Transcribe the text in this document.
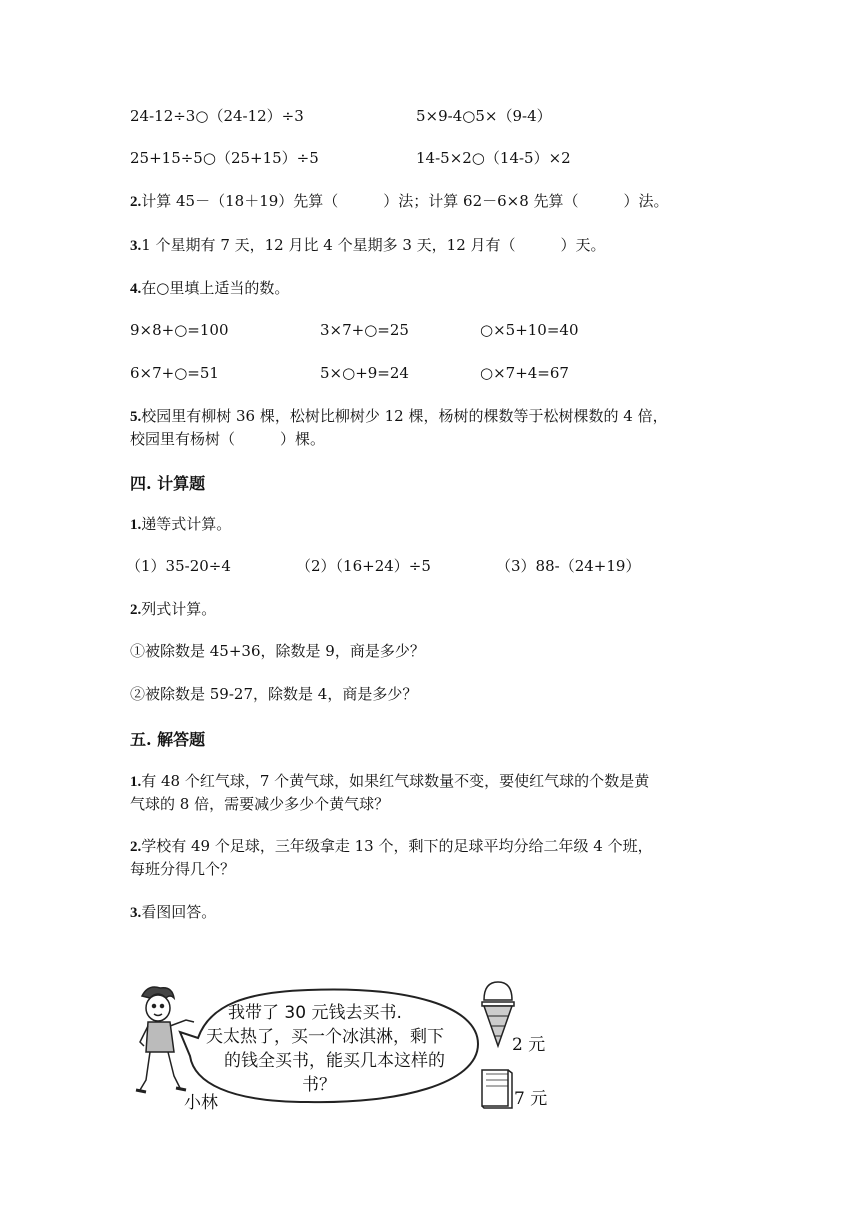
24-12÷3○（24-12）÷3	5×9-4○5×（9-4）
25+15÷5○（25+15）÷5	14-5×2○（14-5）×2
2.计算 45－（18＋19）先算（　　　）法；计算 62－6×8 先算（　　　）法。
3.1 个星期有 7 天，12 月比 4 个星期多 3 天，12 月有（　　　）天。
4.在○里填上适当的数。
9×8+○=100	3×7+○=25	○×5+10=40
6×7+○=51	5×○+9=24	○×7+4=67
5.校园里有柳树 36 棵，松树比柳树少 12 棵，杨树的棵数等于松树棵数的 4 倍，
校园里有杨树（　　　）棵。
四. 计算题
1.递等式计算。
（1）35-20÷4	（2）（16+24）÷5	（3）88-（24+19）
2.列式计算。
①被除数是 45+36，除数是 9，商是多少？
②被除数是 59-27，除数是 4，商是多少？
五. 解答题
1.有 48 个红气球，7 个黄气球，如果红气球数量不变，要使红气球的个数是黄
气球的 8 倍，需要减少多少个黄气球？
2.学校有 49 个足球，三年级拿走 13 个，剩下的足球平均分给二年级 4 个班，
每班分得几个？
3.看图回答。
我带了 30 元钱去买书.
天太热了，买一个冰淇淋，剩下
的钱全买书，能买几本这样的
书？
小林
2 元
7 元
